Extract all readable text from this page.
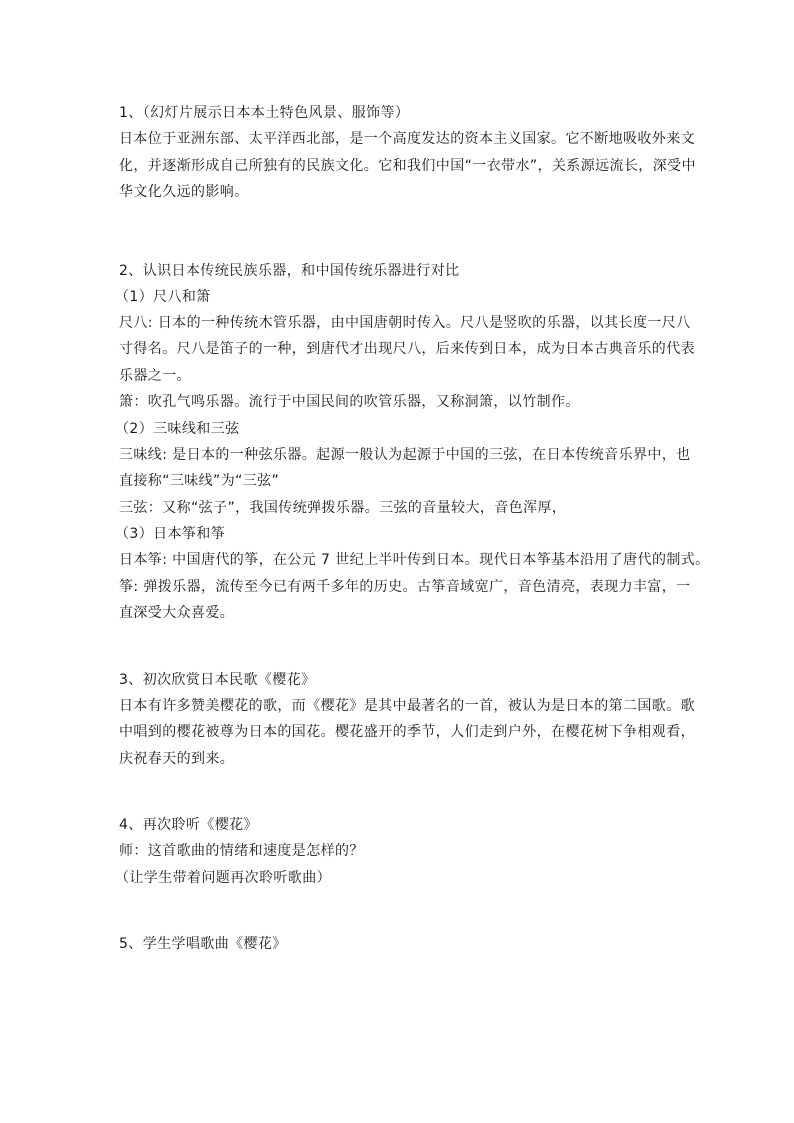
1、（幻灯片展示日本本土特色风景、服饰等）

日本位于亚洲东部、太平洋西北部，是一个高度发达的资本主义国家。它不断地吸收外来文

化，并逐渐形成自己所独有的民族文化。它和我们中国“一衣带水”，关系源远流长，深受中

华文化久远的影响。

2、认识日本传统民族乐器，和中国传统乐器进行对比

（1）尺八和箫

尺八: 日本的一种传统木管乐器，由中国唐朝时传入。尺八是竖吹的乐器，以其长度一尺八

寸得名。尺八是笛子的一种，到唐代才出现尺八，后来传到日本，成为日本古典音乐的代表

乐器之一。

箫：吹孔气鸣乐器。流行于中国民间的吹管乐器，又称洞箫，以竹制作。

（2）三味线和三弦

三味线: 是日本的一种弦乐器。起源一般认为起源于中国的三弦，在日本传统音乐界中，也

直接称“三味线”为“三弦”

三弦：又称“弦子”，我国传统弹拨乐器。三弦的音量较大，音色浑厚，

（3）日本筝和筝

日本筝: 中国唐代的筝，在公元 7 世纪上半叶传到日本。现代日本筝基本沿用了唐代的制式。

筝: 弹拨乐器，流传至今已有两千多年的历史。古筝音域宽广，音色清亮，表现力丰富，一

直深受大众喜爱。

3、初次欣赏日本民歌《樱花》

日本有许多赞美樱花的歌，而《樱花》是其中最著名的一首，被认为是日本的第二国歌。歌

中唱到的樱花被尊为日本的国花。樱花盛开的季节，人们走到户外，在樱花树下争相观看，

庆祝春天的到来。

4、再次聆听《樱花》

师：这首歌曲的情绪和速度是怎样的？

（让学生带着问题再次聆听歌曲）

5、学生学唱歌曲《樱花》
